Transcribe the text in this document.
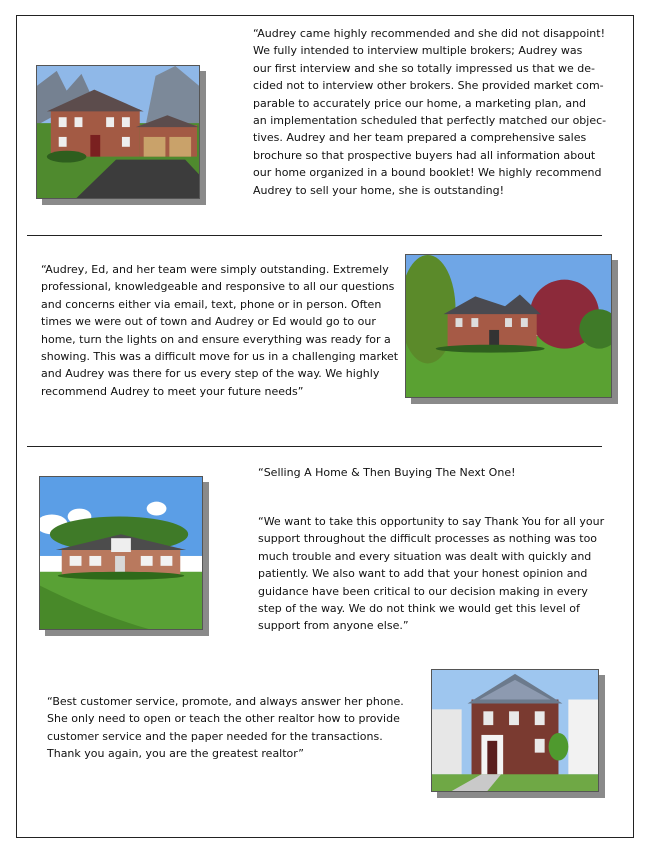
“Audrey came highly recommended and she did not disappoint!
We fully intended to interview multiple brokers; Audrey was
our first interview and she so totally impressed us that we de-
cided not to interview other brokers. She provided market com-
parable to accurately price our home, a marketing plan, and
an implementation scheduled that perfectly matched our objec-
tives. Audrey and her team prepared a comprehensive sales
brochure so that prospective buyers had all information about
our home organized in a bound booklet! We highly recommend
Audrey to sell your home, she is outstanding!
“Audrey, Ed, and her team were simply outstanding. Extremely
professional, knowledgeable and responsive to all our questions
and concerns either via email, text, phone or in person. Often
times we were out of town and Audrey or Ed would go to our
home, turn the lights on and ensure everything was ready for a
showing. This was a difficult move for us in a challenging market
and Audrey was there for us every step of the way. We highly
recommend Audrey to meet your future needs”
“Selling A Home & Then Buying The Next One!
“We want to take this opportunity to say Thank You for all your
support throughout the difficult processes as nothing was too
much trouble and every situation was dealt with quickly and
patiently. We also want to add that your honest opinion and
guidance have been critical to our decision making in every
step of the way. We do not think we would get this level of
support from anyone else.”
“Best customer service, promote, and always answer her phone.
She only need to open or teach the other realtor how to provide
customer service and the paper needed for the transactions.
Thank you again, you are the greatest realtor”
